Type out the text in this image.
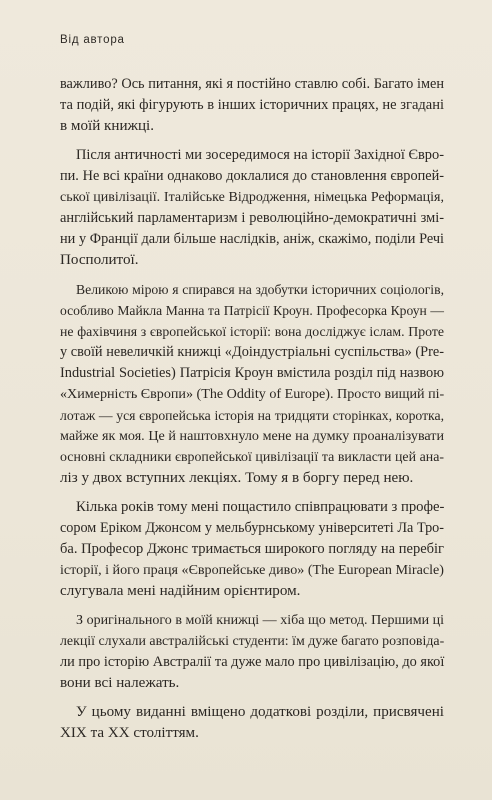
Від автора
важливо? Ось питання, які я постійно ставлю собі. Багато імен
та подій, які фігурують в інших історичних працях, не згадані
в моїй книжці.
Після античності ми зосередимося на історії Західної Євро-
пи. Не всі країни однаково доклалися до становлення європей-
ської цивілізації. Італійське Відродження, німецька Реформація,
англійський парламентаризм і революційно-демократичні змі-
ни у Франції дали більше наслідків, аніж, скажімо, поділи Речі
Посполитої.
Великою мірою я спирався на здобутки історичних соціологів,
особливо Майкла Манна та Патрісії Кроун. Професорка Кроун —
не фахівчиня з європейської історії: вона досліджує іслам. Проте
у своїй невеличкій книжці «Доіндустріальні суспільства» (Pre-
Industrial Societies) Патрісія Кроун вмістила розділ під назвою
«Химерність Європи» (The Oddity of Europe). Просто вищий пі-
лотаж — уся європейська історія на тридцяти сторінках, коротка,
майже як моя. Це й наштовхнуло мене на думку проаналізувати
основні складники європейської цивілізації та викласти цей ана-
ліз у двох вступних лекціях. Тому я в боргу перед нею.
Кілька років тому мені пощастило співпрацювати з профе-
сором Еріком Джонсом у мельбурнському університеті Ла Тро-
ба. Професор Джонс тримається широкого погляду на перебіг
історії, і його праця «Європейське диво» (The European Miracle)
слугувала мені надійним орієнтиром.
З оригінального в моїй книжці — хіба що метод. Першими ці
лекції слухали австралійські студенти: їм дуже багато розповіда-
ли про історію Австралії та дуже мало про цивілізацію, до якої
вони всі належать.
У цьому виданні вміщено додаткові розділи, присвячені
XIX та XX століттям.
